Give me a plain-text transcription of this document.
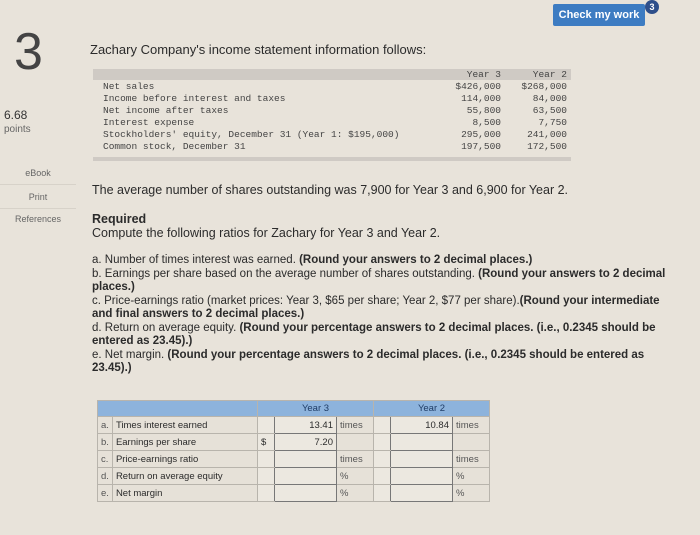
3
6.68
points
eBook
Print
References
Check my work
3
Zachary Company's income statement information follows:
	Year 3	Year 2
Net sales	$426,000	$268,000
Income before interest and taxes	114,000	84,000
Net income after taxes	55,800	63,500
Interest expense	8,500	7,750
Stockholders' equity, December 31 (Year 1: $195,000)	295,000	241,000
Common stock, December 31	197,500	172,500
The average number of shares outstanding was 7,900 for Year 3 and 6,900 for Year 2.
Required
Compute the following ratios for Zachary for Year 3 and Year 2.
a. Number of times interest was earned. (Round your answers to 2 decimal places.)
b. Earnings per share based on the average number of shares outstanding. (Round your answers to 2 decimal places.)
c. Price-earnings ratio (market prices: Year 3, $65 per share; Year 2, $77 per share).(Round your intermediate and final answers to 2 decimal places.)
d. Return on average equity. (Round your percentage answers to 2 decimal places. (i.e., 0.2345 should be entered as 23.45).)
e. Net margin. (Round your percentage answers to 2 decimal places. (i.e., 0.2345 should be entered as 23.45).)
		Year 3			Year 2		
a.	Times interest earned		13.41	times		10.84	times
b.	Earnings per share	$	7.20				
c.	Price-earnings ratio			times			times
d.	Return on average equity			%			%
e.	Net margin			%			%
